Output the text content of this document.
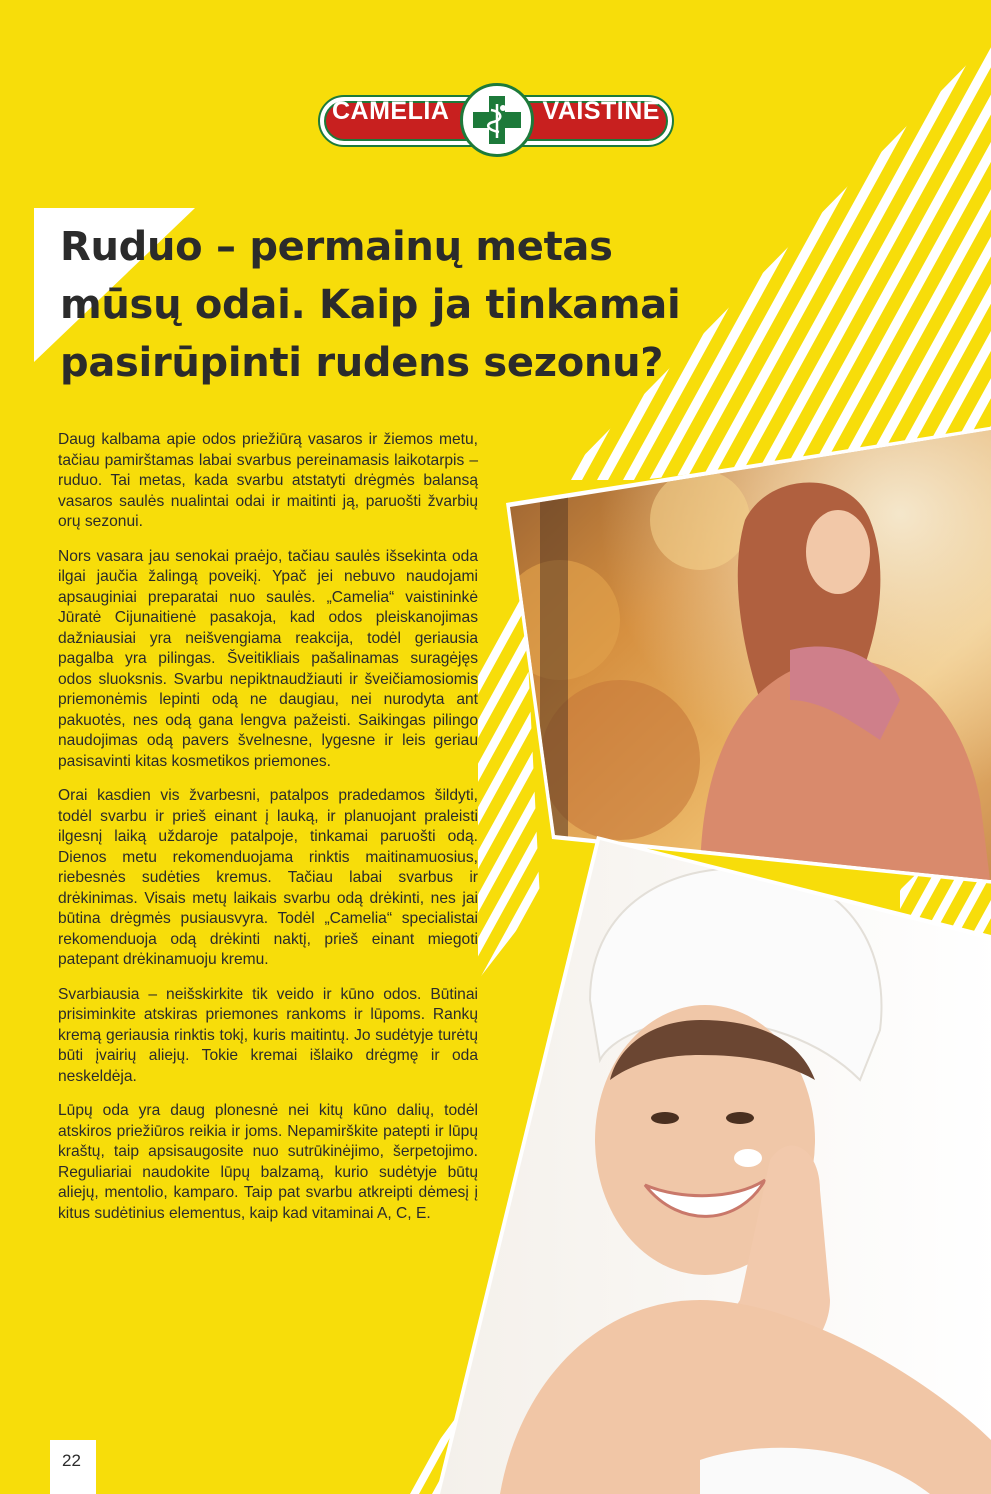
CAMELIA	VAISTINĖ
Ruduo – permainų metas mūsų odai. Kaip ja tinkamai pasirūpinti rudens sezonu?

Daug kalbama apie odos priežiūrą vasaros ir žiemos metu, tačiau pamirštamas labai svarbus pereinamasis laikotarpis – ruduo. Tai metas, kada svarbu atstatyti drėgmės balansą vasaros saulės nualintai odai ir maitinti ją, paruošti žvarbių orų sezonui.

Nors vasara jau senokai praėjo, tačiau saulės išsekinta oda ilgai jaučia žalingą poveikį. Ypač jei nebuvo naudojami apsauginiai preparatai nuo saulės. „Camelia“ vaistininkė Jūratė Cijunaitienė pasakoja, kad odos pleiskanojimas dažniausiai yra neišvengiama reakcija, todėl geriausia pagalba yra pilingas. Šveitikliais pašalinamas suragėjęs odos sluoksnis. Svarbu nepiktnaudžiauti ir šveičiamosiomis priemonėmis lepinti odą ne daugiau, nei nurodyta ant pakuotės, nes odą gana lengva pažeisti. Saikingas pilingo naudojimas odą pavers švelnesne, lygesne ir leis geriau pasisavinti kitas kosmetikos priemones.

Orai kasdien vis žvarbesni, patalpos pradedamos šildyti, todėl svarbu ir prieš einant į lauką, ir planuojant praleisti ilgesnį laiką uždaroje patalpoje, tinkamai paruošti odą. Dienos metu rekomenduojama rinktis maitinamuosius, riebesnės sudėties kremus. Tačiau labai svarbus ir drėkinimas. Visais metų laikais svarbu odą drėkinti, nes jai būtina drėgmės pusiausvyra. Todėl „Camelia“ specialistai rekomenduoja odą drėkinti naktį, prieš einant miegoti patepant drėkinamuoju kremu.

Svarbiausia – neišskirkite tik veido ir kūno odos. Būtinai prisiminkite atskiras priemones rankoms ir lūpoms. Rankų kremą geriausia rinktis tokį, kuris maitintų. Jo sudėtyje turėtų būti įvairių aliejų. Tokie kremai išlaiko drėgmę ir oda neskeldėja.

Lūpų oda yra daug plonesnė nei kitų kūno dalių, todėl atskiros priežiūros reikia ir joms. Nepamirškite patepti ir lūpų kraštų, taip apsisaugosite nuo sutrūkinėjimo, šerpetojimo. Reguliariai naudokite lūpų balzamą, kurio sudėtyje būtų aliejų, mentolio, kamparo. Taip pat svarbu atkreipti dėmesį į kitus sudėtinius elementus, kaip kad vitaminai A, C, E.

22
